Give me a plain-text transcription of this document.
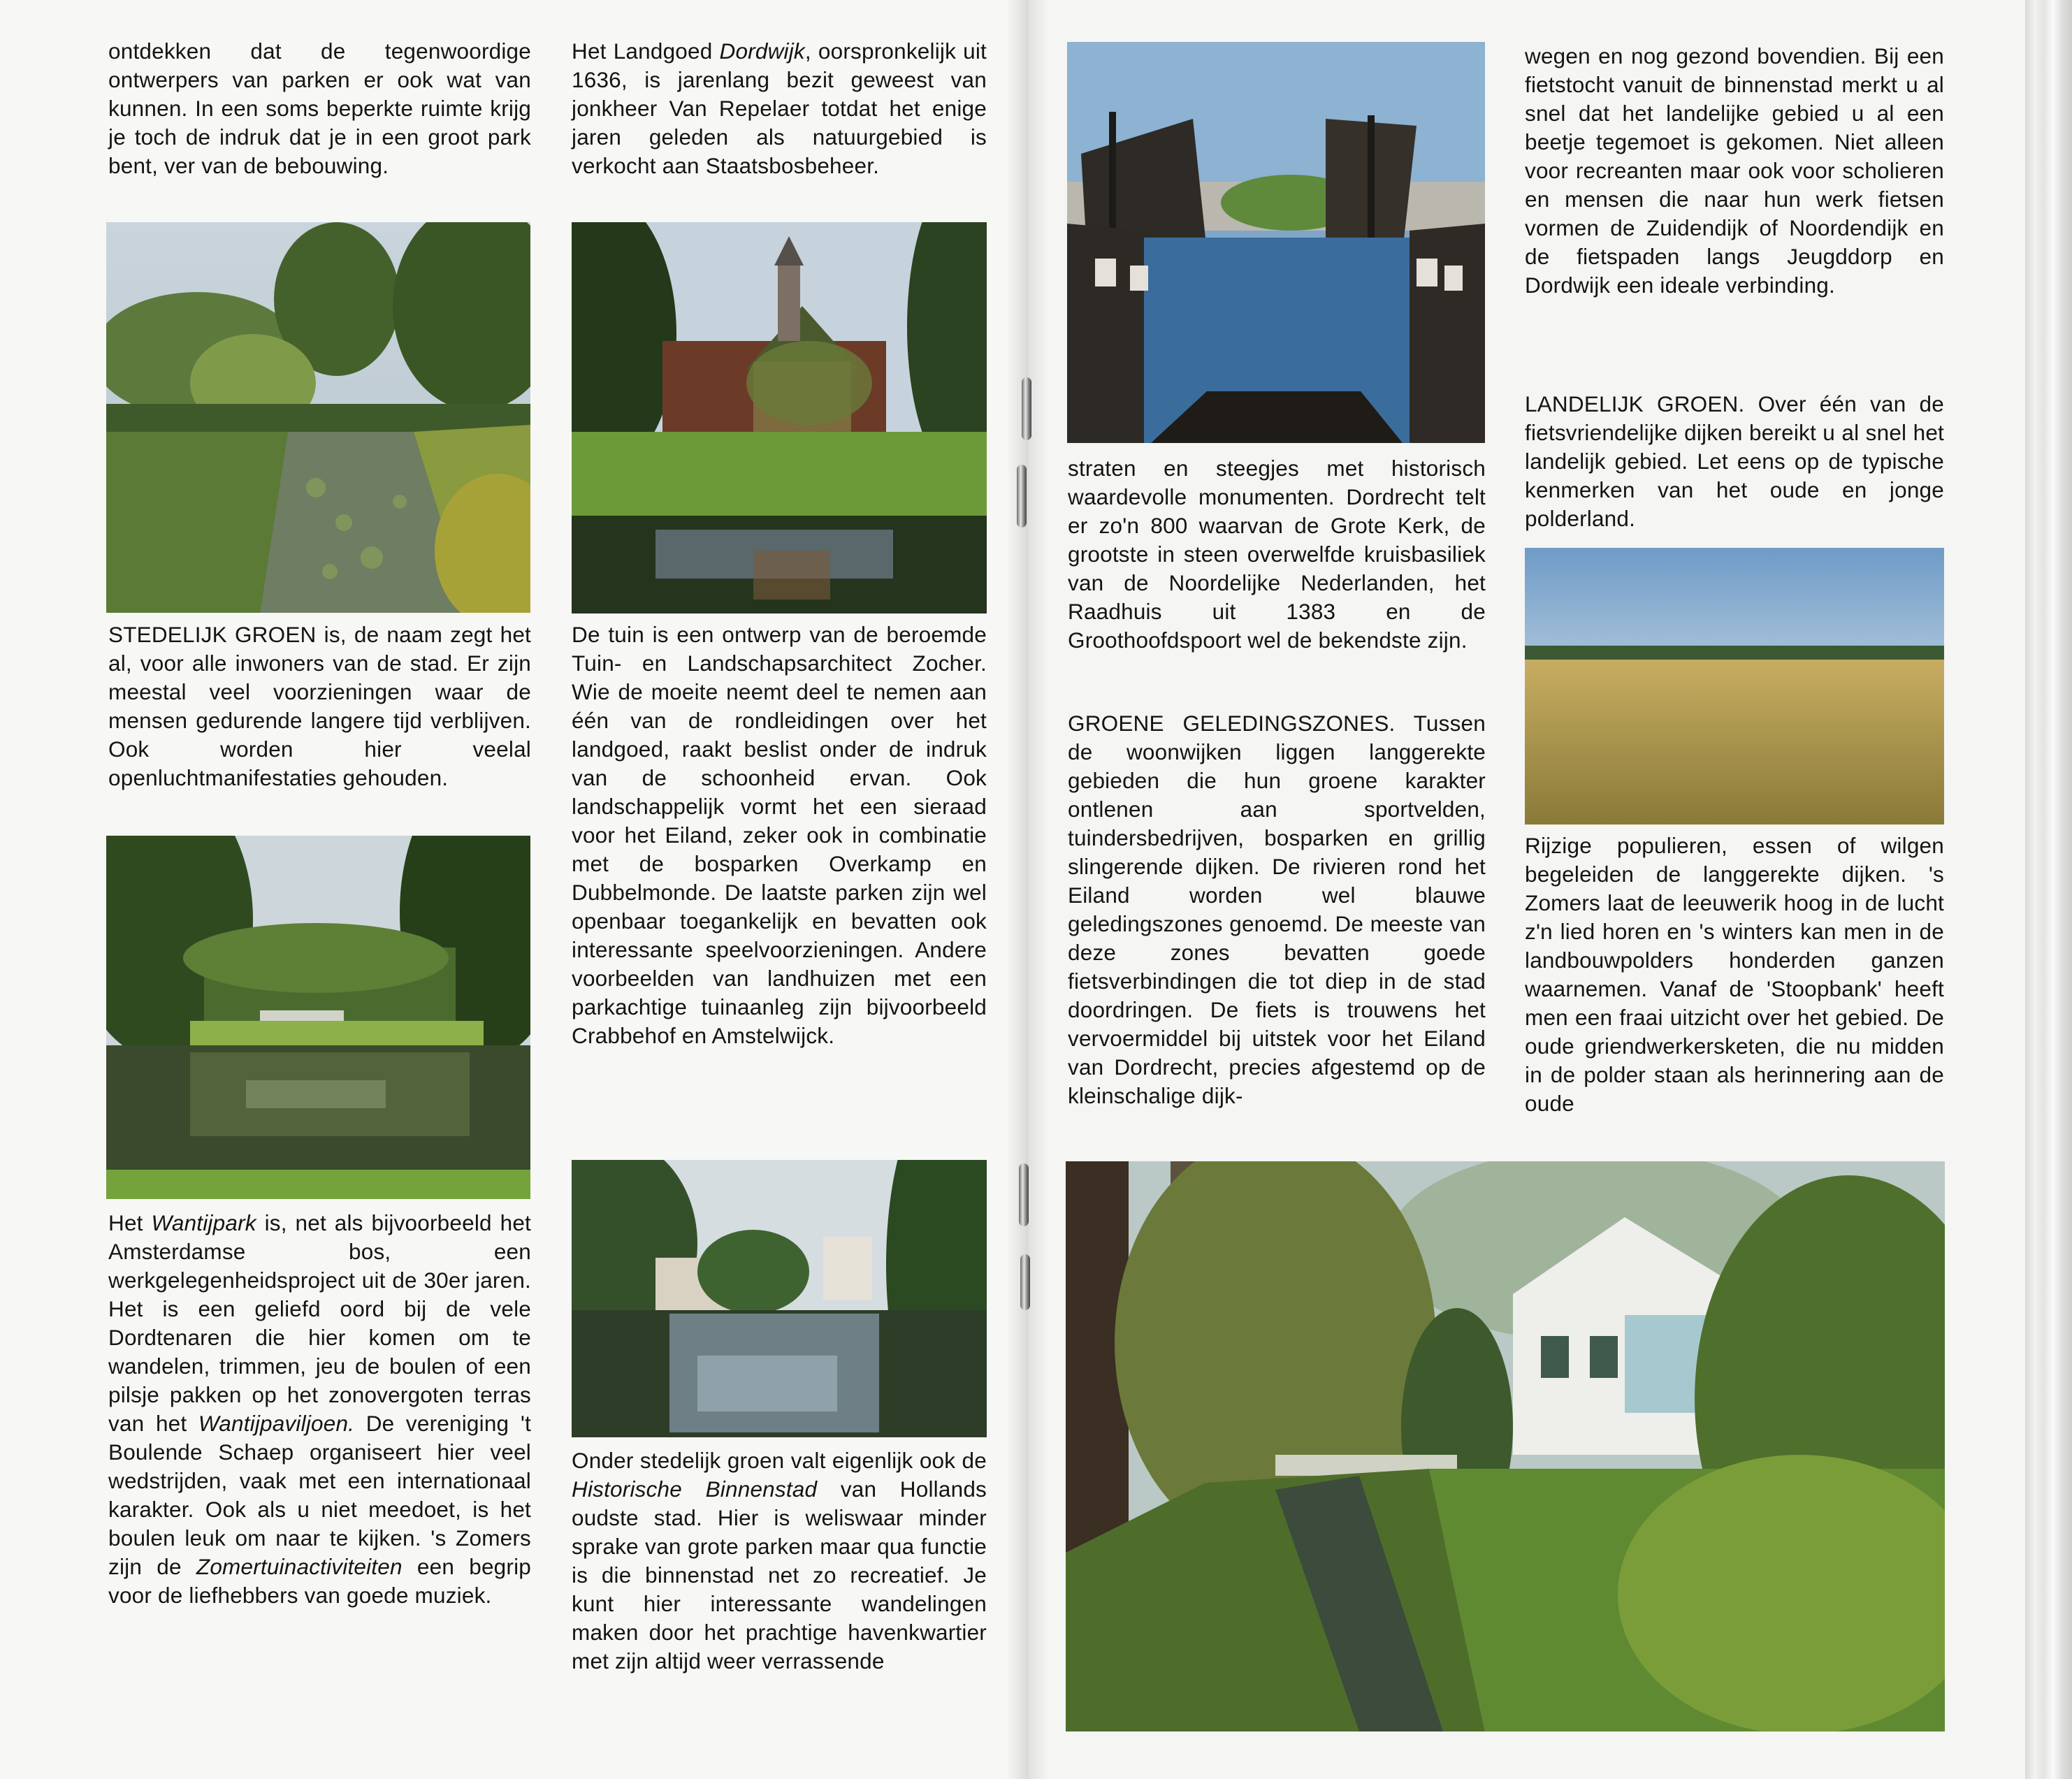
ontdekken dat de tegenwoordige ontwerpers van parken er ook wat van kunnen. In een soms beperkte ruimte krijg je toch de indruk dat je in een groot park bent, ver van de bebouwing.

STEDELIJK GROEN is, de naam zegt het al, voor alle inwoners van de stad. Er zijn meestal veel voorzieningen waar de mensen gedurende langere tijd verblijven. Ook worden hier veelal openluchtmanifestaties gehouden.

Het Wantijpark is, net als bijvoorbeeld het Amsterdamse bos, een werkgelegenheidsproject uit de 30er jaren. Het is een geliefd oord bij de vele Dordtenaren die hier komen om te wandelen, trimmen, jeu de boulen of een pilsje pakken op het zonovergoten terras van het Wantijpaviljoen. De vereniging 't Boulende Schaep organiseert hier veel wedstrijden, vaak met een internationaal karakter. Ook als u niet meedoet, is het boulen leuk om naar te kijken. 's Zomers zijn de Zomertuinactiviteiten een begrip voor de liefhebbers van goede muziek.

Het Landgoed Dordwijk, oorspronkelijk uit 1636, is jarenlang bezit geweest van jonkheer Van Repelaer totdat het enige jaren geleden als natuurgebied is verkocht aan Staatsbosbeheer.

De tuin is een ontwerp van de beroemde Tuin- en Landschapsarchitect Zocher. Wie de moeite neemt deel te nemen aan één van de rondleidingen over het landgoed, raakt beslist onder de indruk van de schoonheid ervan. Ook landschappelijk vormt het een sieraad voor het Eiland, zeker ook in combinatie met de bosparken Overkamp en Dubbelmonde. De laatste parken zijn wel openbaar toegankelijk en bevatten ook interessante speelvoorzieningen. Andere voorbeelden van landhuizen met een parkachtige tuinaanleg zijn bijvoorbeeld Crabbehof en Amstelwijck.

Onder stedelijk groen valt eigenlijk ook de Historische Binnenstad van Hollands oudste stad. Hier is weliswaar minder sprake van grote parken maar qua functie is die binnenstad net zo recreatief. Je kunt hier interessante wandelingen maken door het prachtige havenkwartier met zijn altijd weer verrassende

straten en steegjes met historisch waardevolle monumenten. Dordrecht telt er zo'n 800 waarvan de Grote Kerk, de grootste in steen overwelfde kruisbasiliek van de Noordelijke Nederlanden, het Raadhuis uit 1383 en de Groothoofdspoort wel de bekendste zijn.

GROENE GELEDINGSZONES. Tussen de woonwijken liggen langgerekte gebieden die hun groene karakter ontlenen aan sportvelden, tuindersbedrijven, bosparken en grillig slingerende dijken. De rivieren rond het Eiland worden wel blauwe geledingszones genoemd. De meeste van deze zones bevatten goede fietsverbindingen die tot diep in de stad doordringen. De fiets is trouwens het vervoermiddel bij uitstek voor het Eiland van Dordrecht, precies afgestemd op de kleinschalige dijk-

wegen en nog gezond bovendien. Bij een fietstocht vanuit de binnenstad merkt u al snel dat het landelijke gebied u al een beetje tegemoet is gekomen. Niet alleen voor recreanten maar ook voor scholieren en mensen die naar hun werk fietsen vormen de Zuidendijk of Noordendijk en de fietspaden langs Jeugddorp en Dordwijk een ideale verbinding.

LANDELIJK GROEN. Over één van de fietsvriendelijke dijken bereikt u al snel het landelijk gebied. Let eens op de typische kenmerken van het oude en jonge polderland.

Rijzige populieren, essen of wilgen begeleiden de langgerekte dijken. 's Zomers laat de leeuwerik hoog in de lucht z'n lied horen en 's winters kan men in de landbouwpolders honderden ganzen waarnemen. Vanaf de 'Stoopbank' heeft men een fraai uitzicht over het gebied. De oude griendwerkersketen, die nu midden in de polder staan als herinnering aan de oude
